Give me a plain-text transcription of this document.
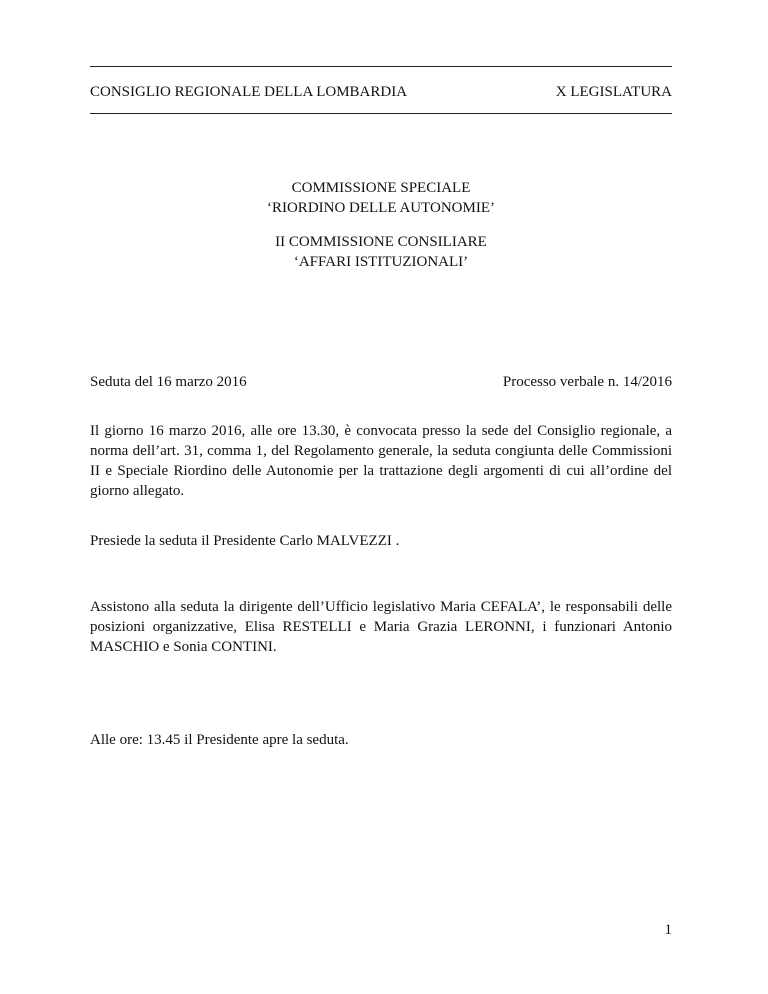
CONSIGLIO REGIONALE DELLA LOMBARDIA	X LEGISLATURA
COMMISSIONE SPECIALE
‘RIORDINO DELLE AUTONOMIE’
II COMMISSIONE CONSILIARE
‘AFFARI ISTITUZIONALI’
Seduta del 16 marzo 2016	Processo verbale n. 14/2016
Il giorno 16 marzo 2016, alle ore 13.30, è convocata presso la sede del Consiglio regionale, a norma dell’art. 31, comma 1, del Regolamento generale, la seduta congiunta delle Commissioni II e Speciale Riordino delle Autonomie per la trattazione degli argomenti di cui all’ordine del giorno allegato.
Presiede la seduta il Presidente Carlo MALVEZZI .
Assistono alla seduta la dirigente dell’Ufficio legislativo Maria CEFALA’, le responsabili delle posizioni organizzative, Elisa RESTELLI e Maria Grazia LERONNI, i funzionari Antonio MASCHIO e Sonia CONTINI.
Alle ore: 13.45 il Presidente apre la seduta.
1
